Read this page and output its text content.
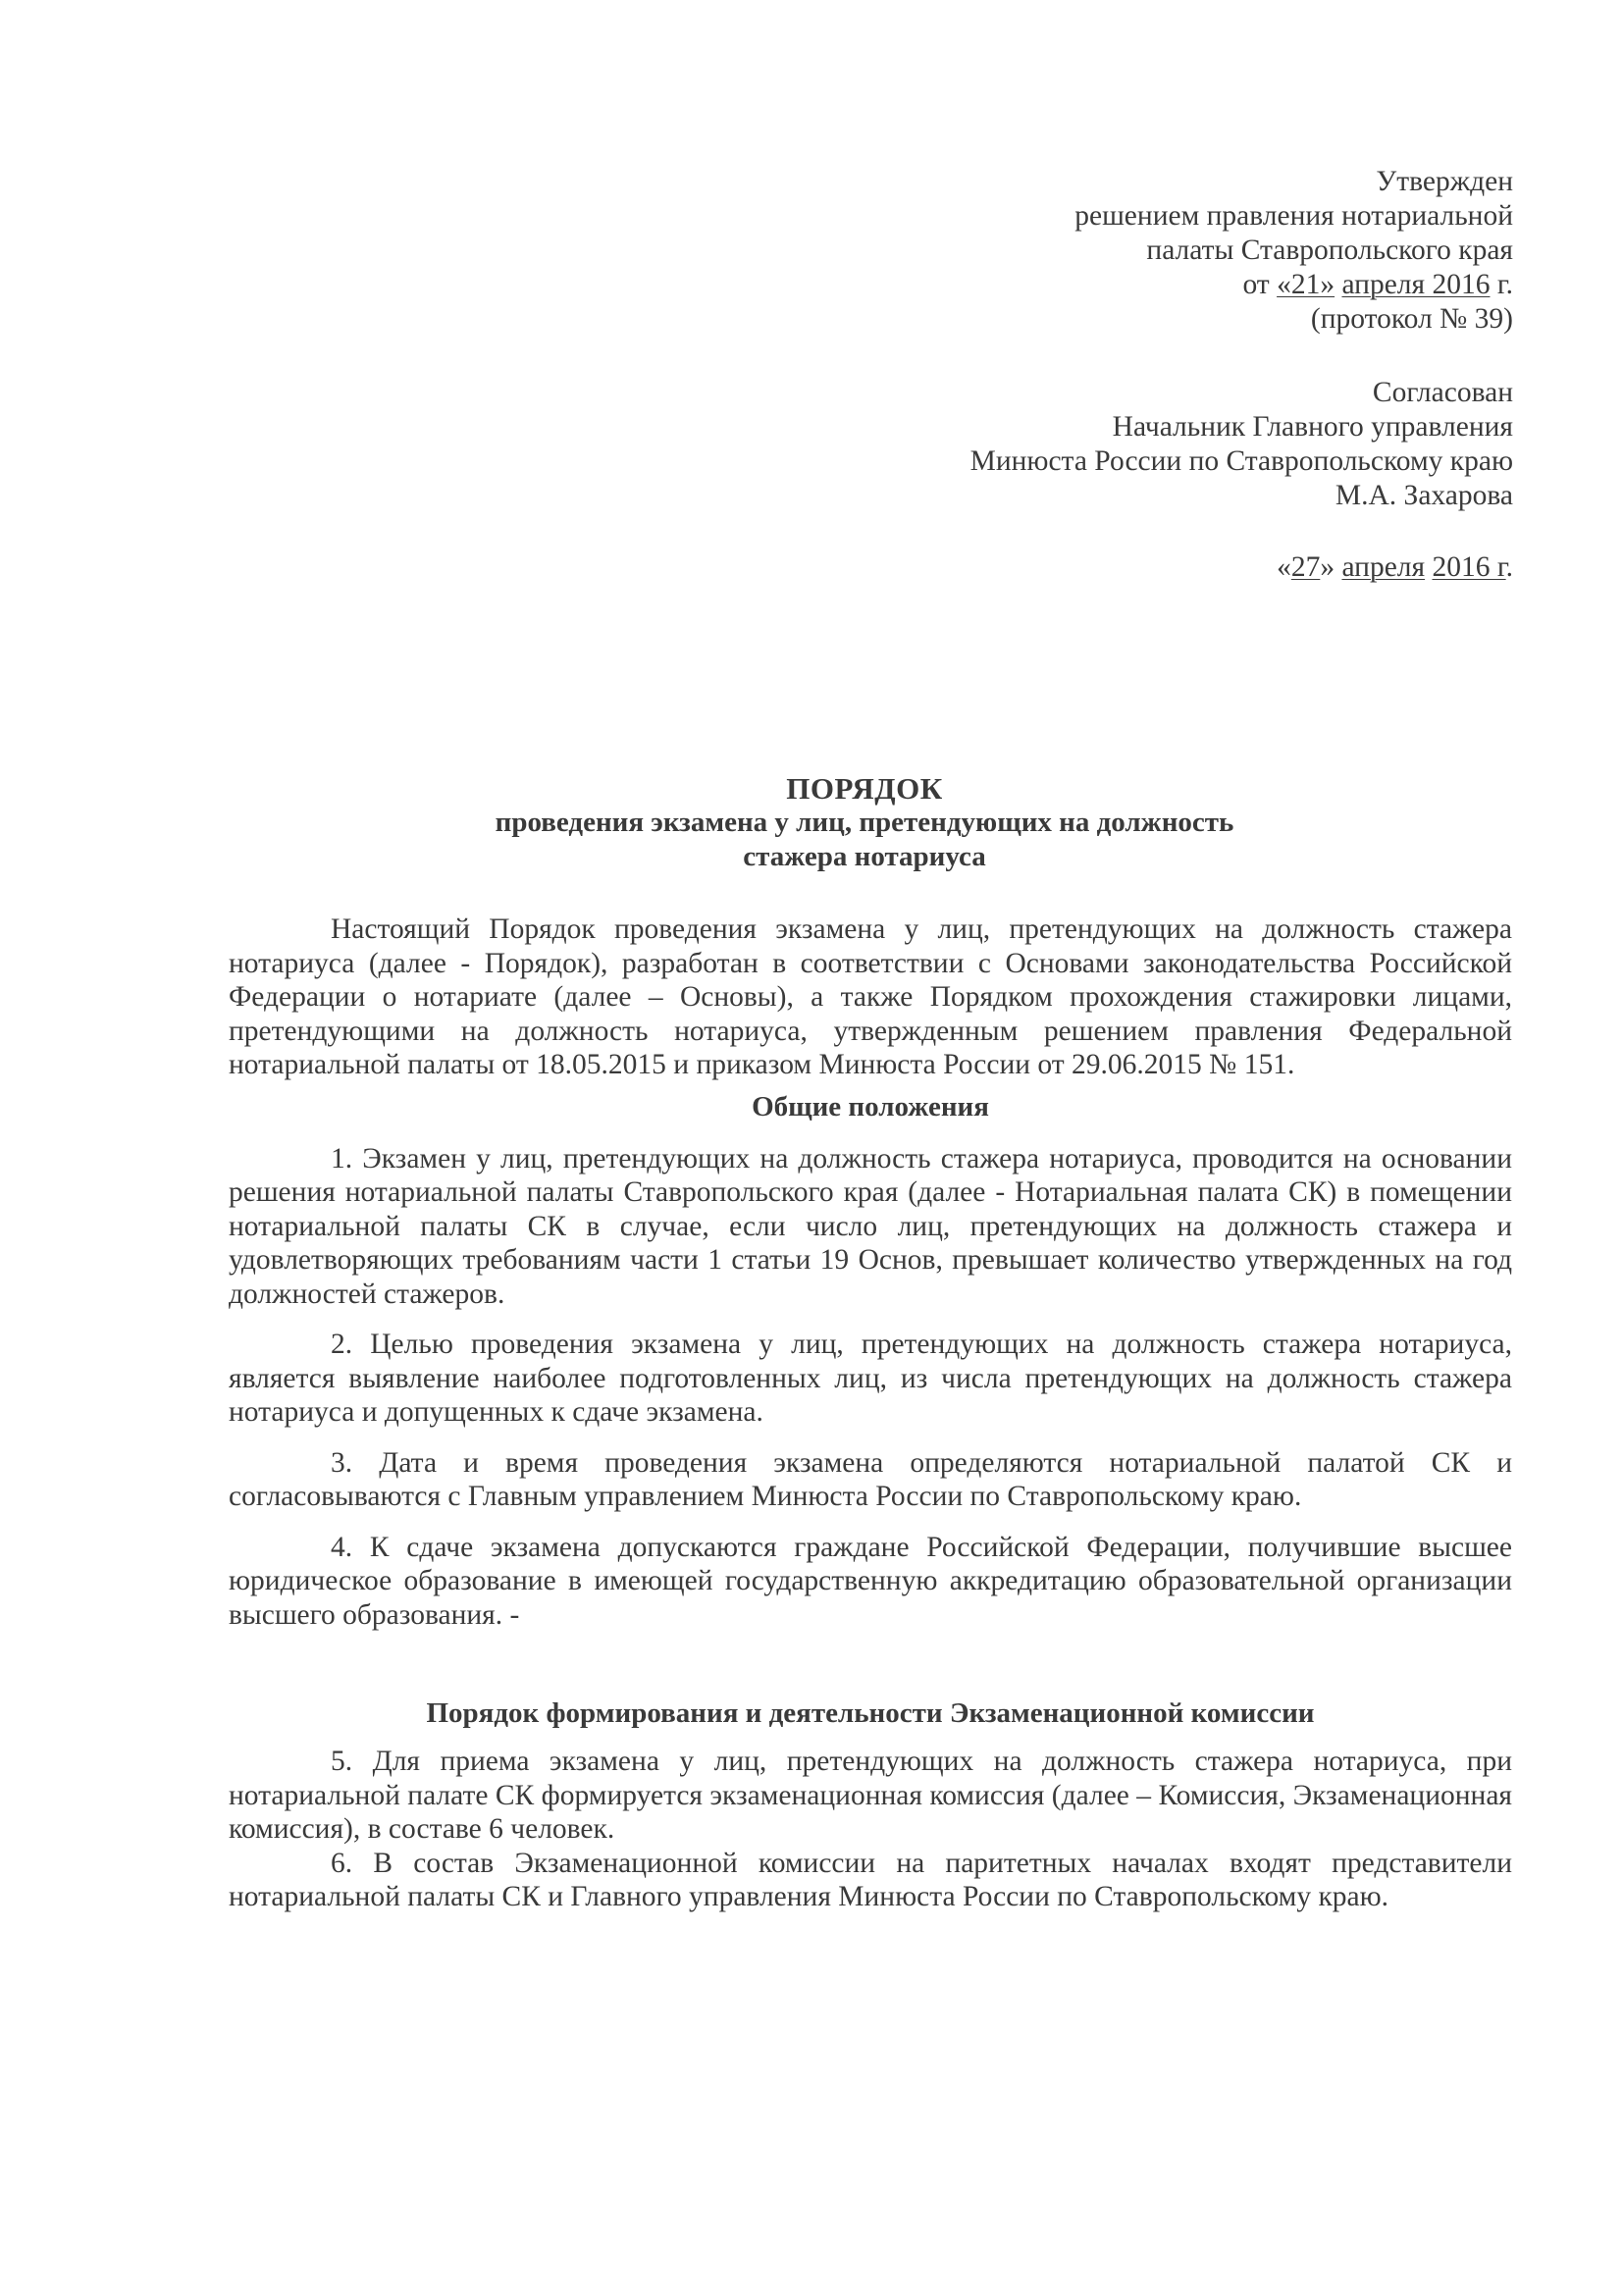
Утвержден
решением правления нотариальной
палаты Ставропольского края
от «21» апреля 2016 г.
(протокол № 39)
Согласован
Начальник Главного управления
Минюста России по Ставропольскому краю
М.А. Захарова
«27» апреля 2016 г.
ПОРЯДОК
проведения экзамена у лиц, претендующих на должность
стажера нотариуса

Настоящий Порядок проведения экзамена у лиц, претендующих на должность стажера нотариуса (далее - Порядок), разработан в соответствии с Основами законодательства Российской Федерации о нотариате (далее – Основы), а также Порядком прохождения стажировки лицами, претендующими на должность нотариуса, утвержденным решением правления Федеральной нотариальной палаты от 18.05.2015 и приказом Минюста России от 29.06.2015 № 151.

Общие положения

1. Экзамен у лиц, претендующих на должность стажера нотариуса, проводится на основании решения нотариальной палаты Ставропольского края (далее - Нотариальная палата СК) в помещении нотариальной палаты СК в случае, если число лиц, претендующих на должность стажера и удовлетворяющих требованиям части 1 статьи 19 Основ, превышает количество утвержденных на год должностей стажеров.

2. Целью проведения экзамена у лиц, претендующих на должность стажера нотариуса, является выявление наиболее подготовленных лиц, из числа претендующих на должность стажера нотариуса и допущенных к сдаче экзамена.

3. Дата и время проведения экзамена определяются нотариальной палатой СК и согласовываются с Главным управлением Минюста России по Ставропольскому краю.

4. К сдаче экзамена допускаются граждане Российской Федерации, получившие высшее юридическое образование в имеющей государственную аккредитацию образовательной организации высшего образования. -

Порядок формирования и деятельности Экзаменационной комиссии

5. Для приема экзамена у лиц, претендующих на должность стажера нотариуса, при нотариальной палате СК формируется экзаменационная комиссия (далее – Комиссия, Экзаменационная комиссия), в составе 6 человек.

6. В состав Экзаменационной комиссии на паритетных началах входят представители нотариальной палаты СК и Главного управления Минюста России по Ставропольскому краю.
